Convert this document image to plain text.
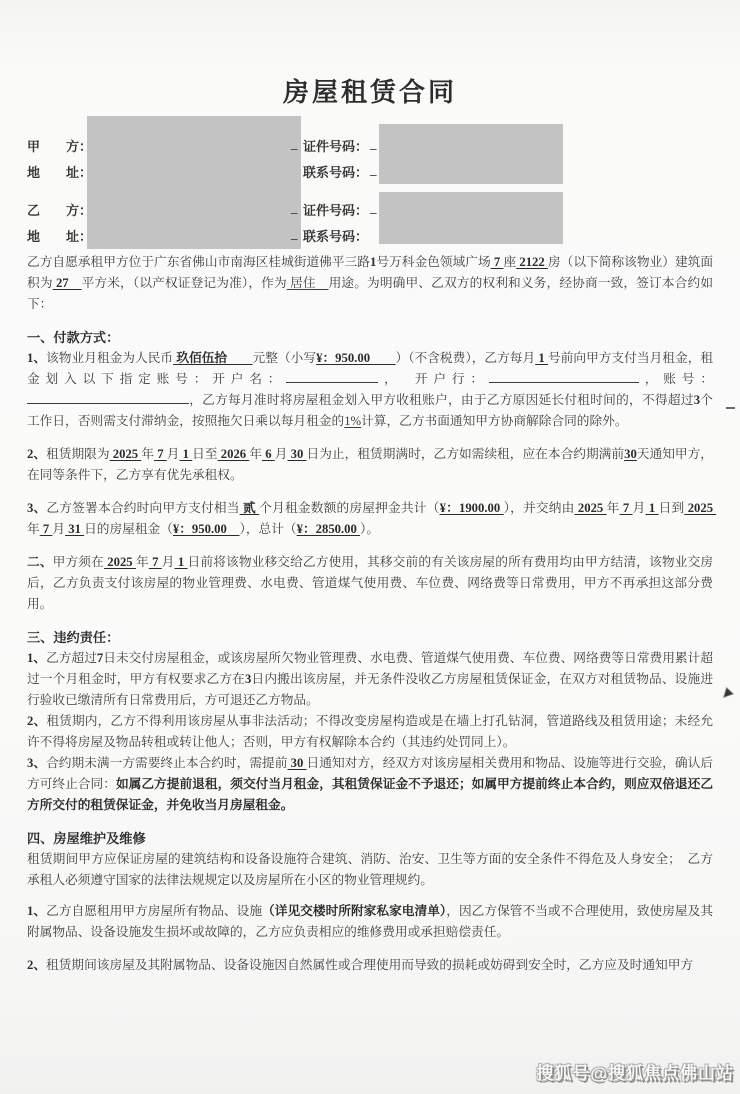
房屋租赁合同
甲　　方：	_ 证件号码： _
地　　址：	联系号码： _
乙　　方：	_ 证件号码： _
地　　址：	_ 联系号码：

乙方自愿承租甲方位于广东省佛山市南海区桂城街道佛平三路1号万科金色领域广场 7 座 2122 房（以下简称该物业）建筑面积为 27　平方米，（以产权证登记为准），作为 居住　用途。为明确甲、乙双方的权利和义务，经协商一致，签订本合约如下：

一、付款方式：

1、该物业月租金为人民币 玖佰伍拾　　元整（小写¥：950.00　　）（不含税费），乙方每月 1 号前向甲方支付当月租金，租金划入以下指定账号：开户名：	，　开户行：	，账号：，乙方每月准时将房屋租金划入甲方收租账户，由于乙方原因延长付租时间的，不得超过3个工作日，否则需支付滞纳金，按照拖欠日乘以每月租金的1%计算，乙方书面通知甲方协商解除合同的除外。

2、租赁期限为 2025 年 7 月 1 日至 2026 年 6 月 30 日为止，租赁期满时，乙方如需续租，应在本合约期满前30天通知甲方，在同等条件下，乙方享有优先承租权。

3、乙方签署本合约时向甲方支付相当 贰 个月租金数额的房屋押金共计（¥：1900.00 ），并交纳由 2025 年 7 月 1 日到 2025 年 7 月 31 日的房屋租金（¥：950.00　），总计（¥：2850.00 ）。

二、甲方须在 2025 年 7 月 1 日前将该物业移交给乙方使用，其移交前的有关该房屋的所有费用均由甲方结清，该物业交房后，乙方负责支付该房屋的物业管理费、水电费、管道煤气使用费、车位费、网络费等日常费用，甲方不再承担这部分费用。

三、违约责任：

1、乙方超过7日未交付房屋租金，或该房屋所欠物业管理费、水电费、管道煤气使用费、车位费、网络费等日常费用累计超过一个月租金时，甲方有权要求乙方在3日内搬出该房屋，并无条件没收乙方房屋租赁保证金，在双方对租赁物品、设施进行验收已缴清所有日常费用后，方可退还乙方物品。

2、租赁期内，乙方不得利用该房屋从事非法活动；不得改变房屋构造或是在墙上打孔钻洞，管道路线及租赁用途；未经允许不得将房屋及物品转租或转让他人；否则，甲方有权解除本合约（其违约处罚同上）。

3、合约期未满一方需要终止本合约时，需提前 30 日通知对方，经双方对该房屋相关费用和物品、设施等进行交验，确认后方可终止合同：如属乙方提前退租，须交付当月租金，其租赁保证金不予退还；如属甲方提前终止本合约，则应双倍退还乙方所交付的租赁保证金，并免收当月房屋租金。

四、房屋维护及维修

租赁期间甲方应保证房屋的建筑结构和设备设施符合建筑、消防、治安、卫生等方面的安全条件不得危及人身安全；　乙方承租人必须遵守国家的法律法规规定以及房屋所在小区的物业管理规约。

1、乙方自愿租用甲方房屋所有物品、设施（详见交楼时所附家私家电清单），因乙方保管不当或不合理使用，致使房屋及其附属物品、设备设施发生损坏或故障的，乙方应负责相应的维修费用或承担赔偿责任。

2、租赁期间该房屋及其附属物品、设备设施因自然属性或合理使用而导致的损耗或妨碍到安全时，乙方应及时通知甲方

搜狐号@搜狐焦点佛山站
